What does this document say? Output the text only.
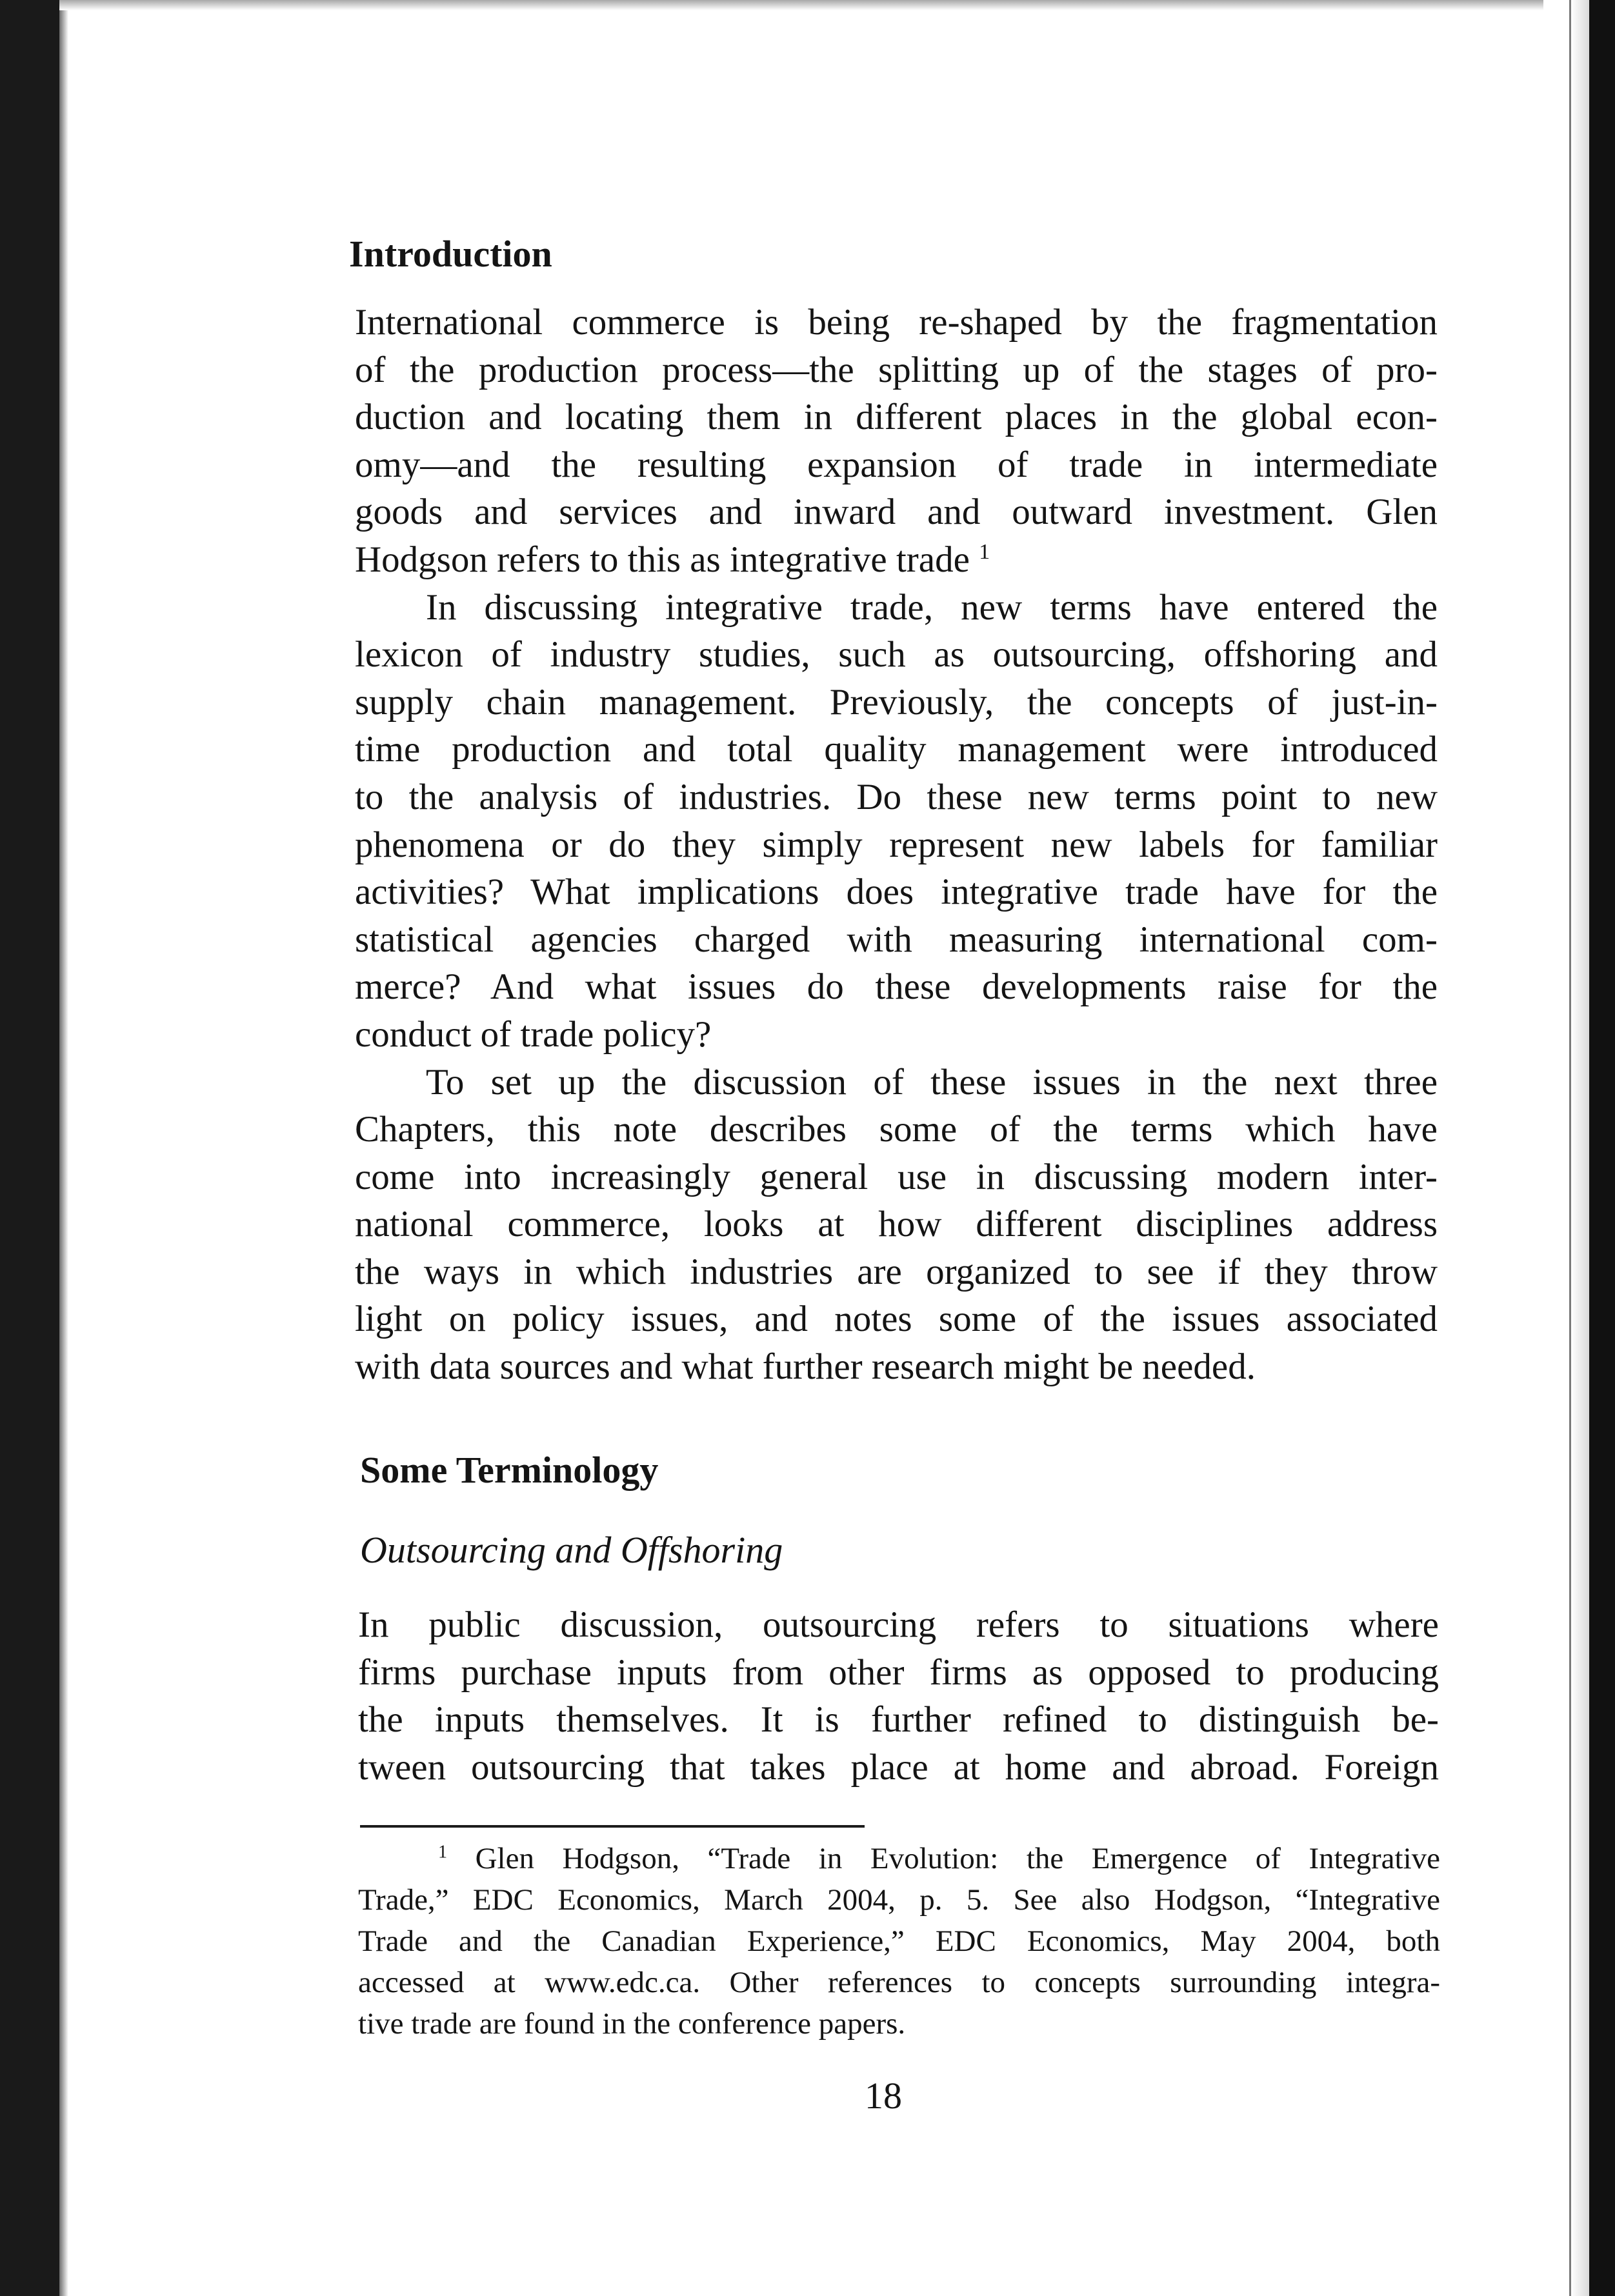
Introduction

International commerce is being re-shaped by the fragmentation
of the production process—the splitting up of the stages of pro-
duction and locating them in different places in the global econ-
omy—and the resulting expansion of trade in intermediate
goods and services and inward and outward investment. Glen
Hodgson refers to this as integrative trade $^1$

In discussing integrative trade, new terms have entered the
lexicon of industry studies, such as outsourcing, offshoring and
supply chain management. Previously, the concepts of just-in-
time production and total quality management were introduced
to the analysis of industries. Do these new terms point to new
phenomena or do they simply represent new labels for familiar
activities? What implications does integrative trade have for the
statistical agencies charged with measuring international com-
merce? And what issues do these developments raise for the
conduct of trade policy?

To set up the discussion of these issues in the next three
Chapters, this note describes some of the terms which have
come into increasingly general use in discussing modern inter-
national commerce, looks at how different disciplines address
the ways in which industries are organized to see if they throw
light on policy issues, and notes some of the issues associated
with data sources and what further research might be needed.

Some Terminology
Outsourcing and Offshoring

In public discussion, outsourcing refers to situations where
firms purchase inputs from other firms as opposed to producing
the inputs themselves. It is further refined to distinguish be-
tween outsourcing that takes place at home and abroad. Foreign

$^1$ Glen Hodgson, “Trade in Evolution: the Emergence of Integrative
Trade,” EDC Economics, March 2004, p. 5. See also Hodgson, “Integrative
Trade and the Canadian Experience,” EDC Economics, May 2004, both
accessed at www.edc.ca. Other references to concepts surrounding integra-
tive trade are found in the conference papers.
18
